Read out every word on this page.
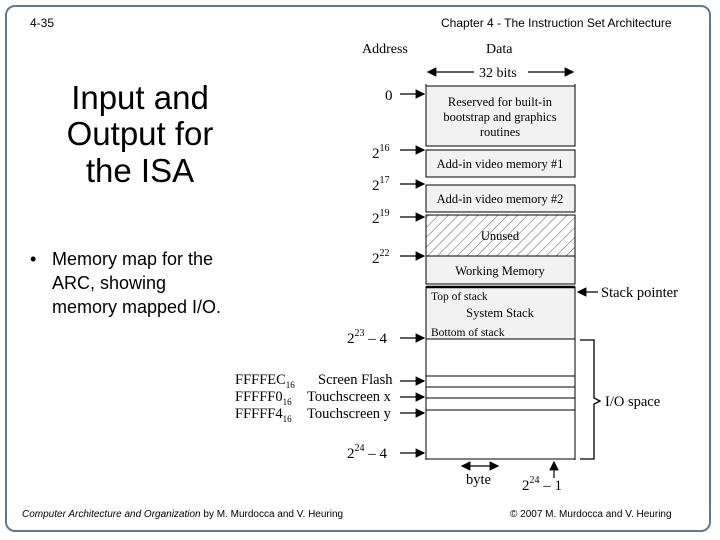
4-35	Chapter 4 - The Instruction Set Architecture
Input and
Output for
the ISA
• Memory map for the ARC, showing memory mapped I/O.
Computer Architecture and Organization by M. Murdocca and V. Heuring	© 2007 M. Murdocca and V. Heuring
Address	Data
32 bits
Reserved for built-in
bootstrap and graphics
routines
Add-in video memory #1
Add-in video memory #2
Unused
Working Memory
System Stack
Top of stack
Bottom of stack
0
$2^{16}$
$2^{17}$
$2^{19}$
$2^{22}$
$2^{23} - 4$
$2^{24} - 4$
$2^{24} - 1$
$FFFFEC_{16}$ Screen Flash
$FFFFF0_{16}$ Touchscreen x
$FFFFF4_{16}$ Touchscreen y
Stack pointer
I/O space
byte
